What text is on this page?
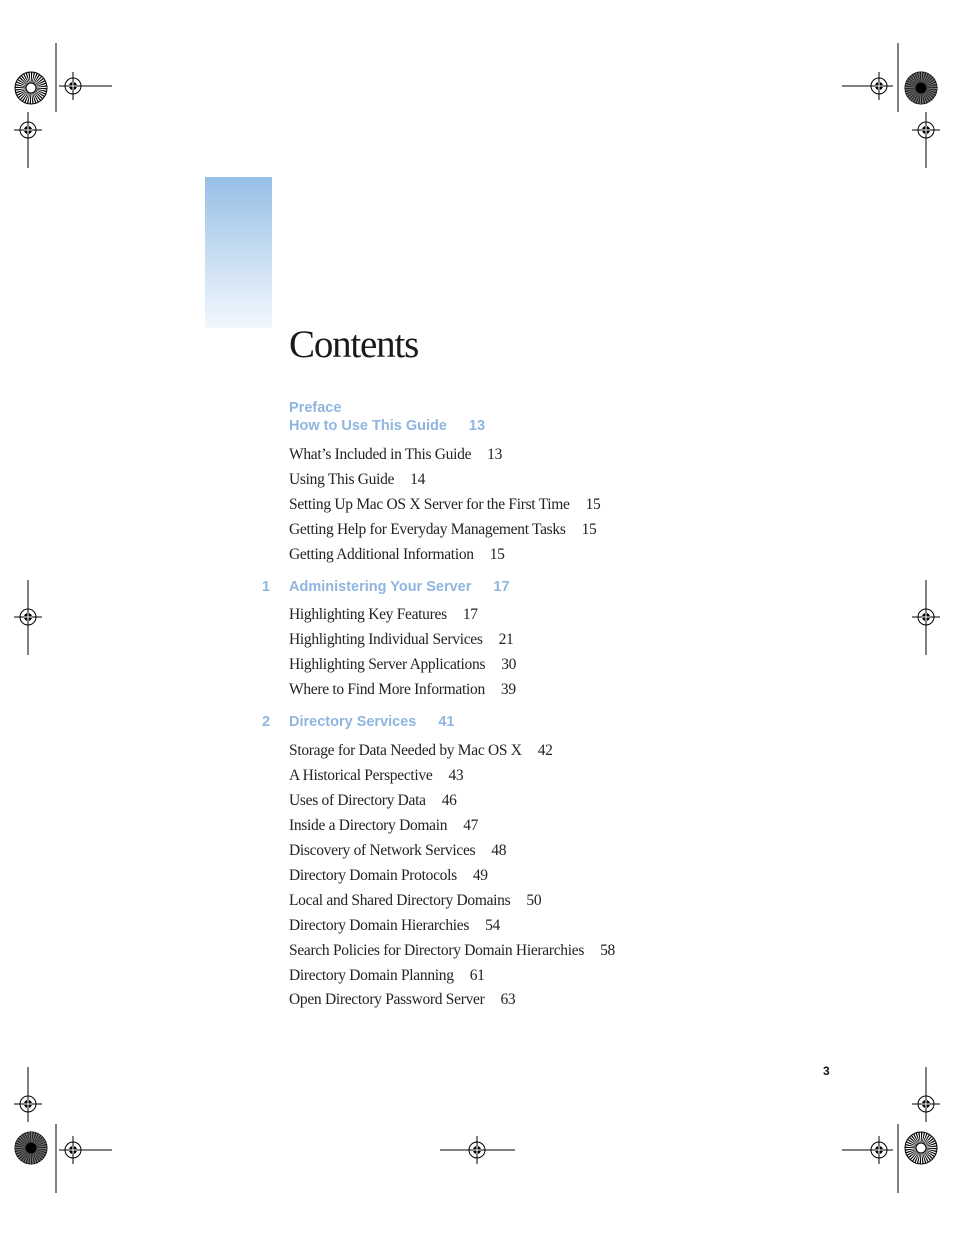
Contents
Preface
How to Use This Guide 13
What’s Included in This Guide 13
Using This Guide 14
Setting Up Mac OS X Server for the First Time 15
Getting Help for Everyday Management Tasks 15
Getting Additional Information 15
1 Administering Your Server 17
Highlighting Key Features 17
Highlighting Individual Services 21
Highlighting Server Applications 30
Where to Find More Information 39
2 Directory Services 41
Storage for Data Needed by Mac OS X 42
A Historical Perspective 43
Uses of Directory Data 46
Inside a Directory Domain 47
Discovery of Network Services 48
Directory Domain Protocols 49
Local and Shared Directory Domains 50
Directory Domain Hierarchies 54
Search Policies for Directory Domain Hierarchies 58
Directory Domain Planning 61
Open Directory Password Server 63
3
